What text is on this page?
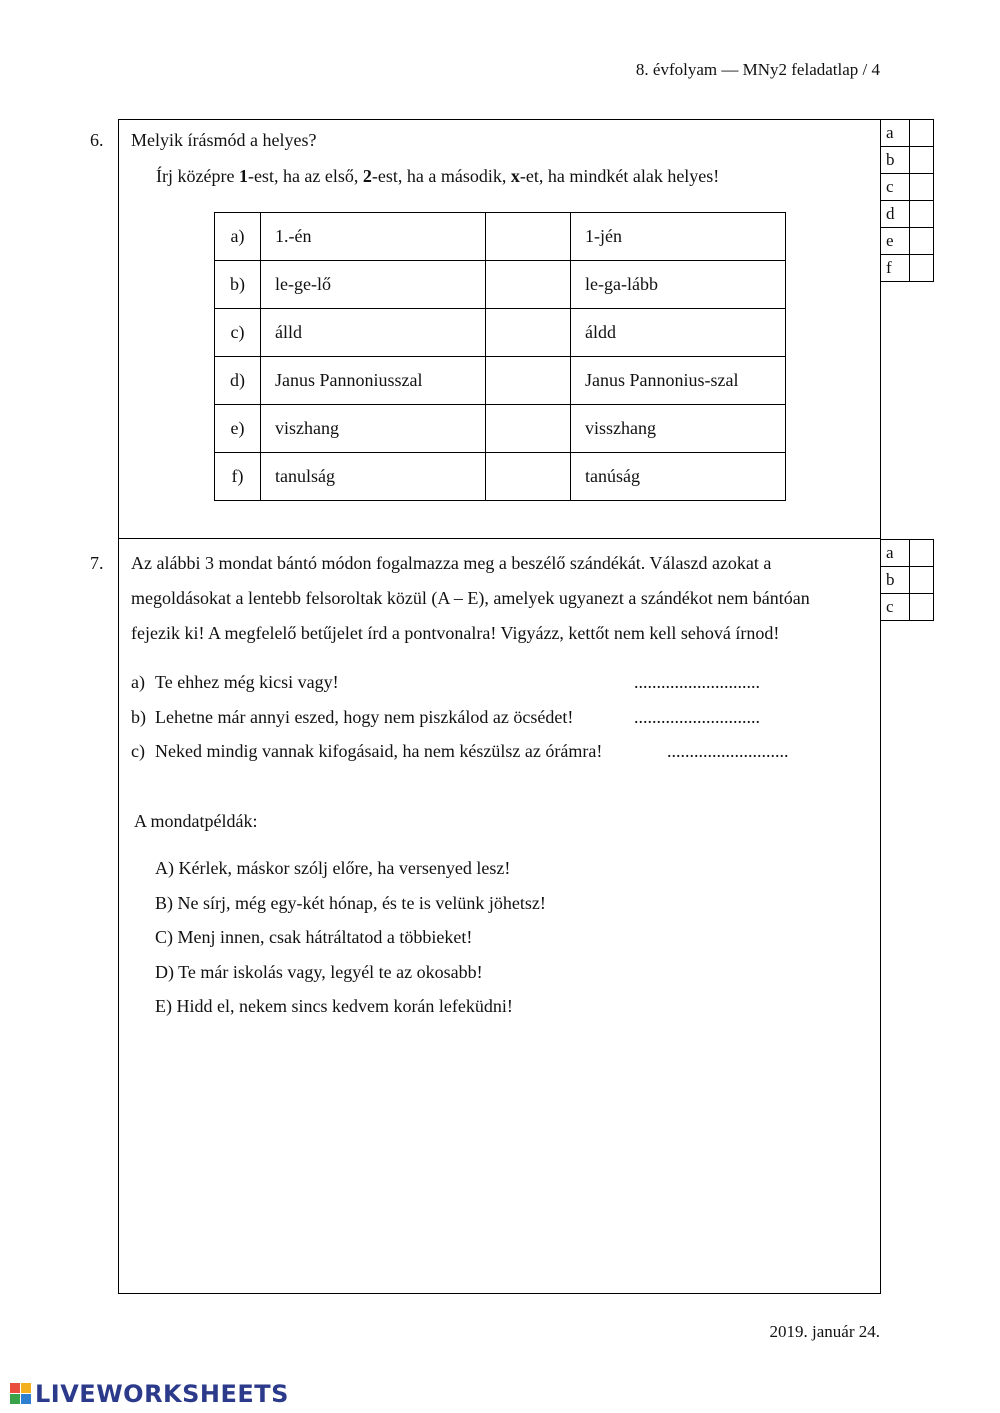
8. évfolyam — MNy2 feladatlap / 4
2019. január 24.
6. Melyik írásmód a helyes?
Írj középre 1-est, ha az első, 2-est, ha a második, x-et, ha mindkét alak helyes!
a)	1.-én		1-jén
b)	le-ge-lő		le-ga-lább
c)	álld		áldd
d)	Janus Pannoniusszal		Janus Pannonius-szal
e)	viszhang		visszhang
f)	tanulság		tanúság
a	
b	
c	
d	
e	
f	
7. Az alábbi 3 mondat bántó módon fogalmazza meg a beszélő szándékát. Válaszd azokat a
megoldásokat a lentebb felsoroltak közül (A – E), amelyek ugyanezt a szándékot nem bántóan
fejezik ki! A megfelelő betűjelet írd a pontvonalra! Vigyázz, kettőt nem kell sehová írnod!
a) Te ehhez még kicsi vagy!	............................
b) Lehetne már annyi eszed, hogy nem piszkálod az öcsédet!	............................
c) Neked mindig vannak kifogásaid, ha nem készülsz az órámra!	...........................
A mondatpéldák:
A) Kérlek, máskor szólj előre, ha versenyed lesz!
B) Ne sírj, még egy-két hónap, és te is velünk jöhetsz!
C) Menj innen, csak hátráltatod a többieket!
D) Te már iskolás vagy, legyél te az okosabb!
E) Hidd el, nekem sincs kedvem korán lefeküdni!
a	
b	
c	
LIVEWORKSHEETS
